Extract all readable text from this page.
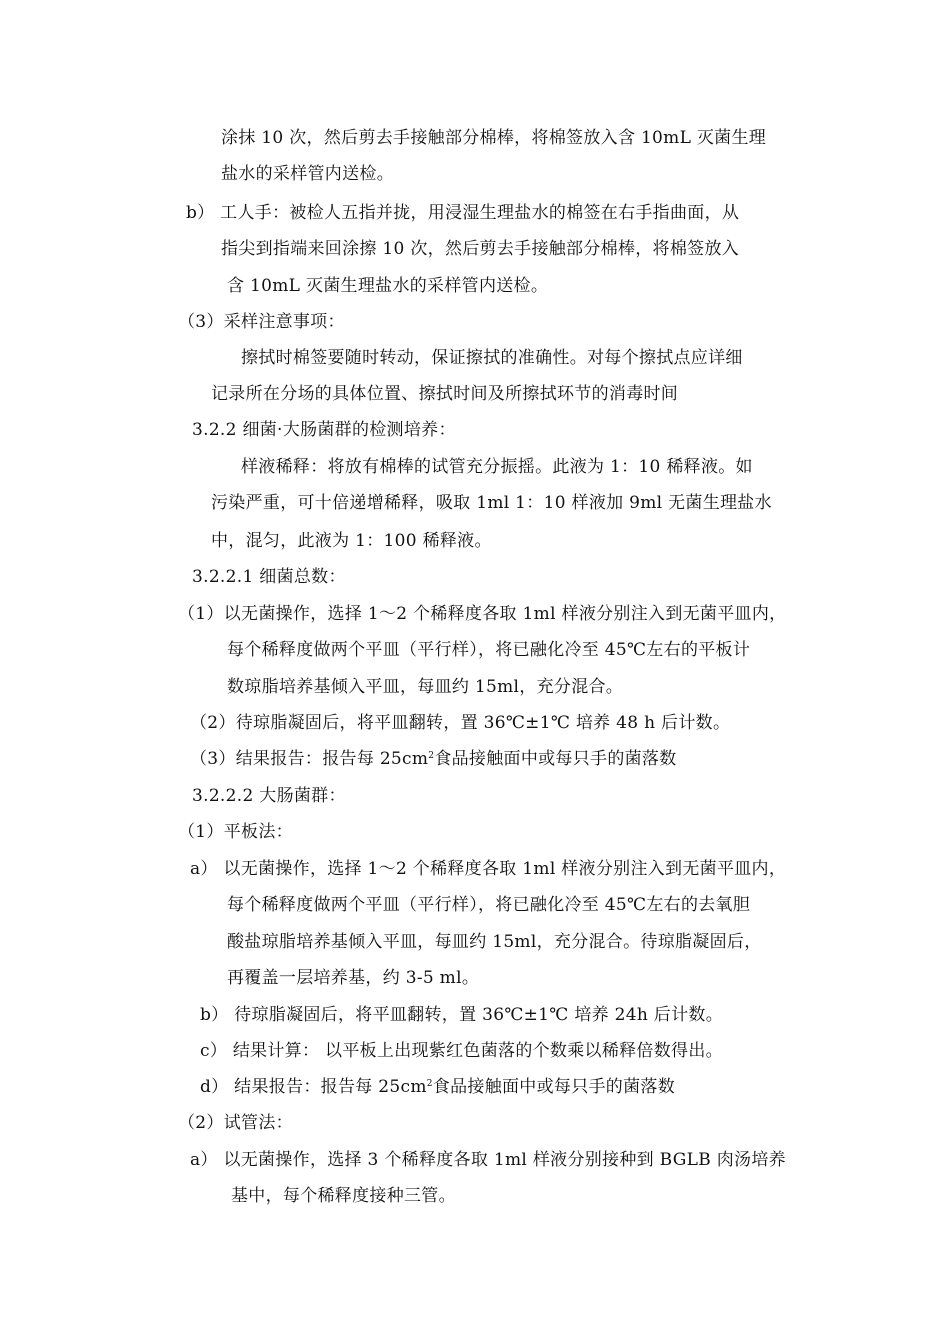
涂抹 10 次，然后剪去手接触部分棉棒，将棉签放入含 10mL 灭菌生理
盐水的采样管内送检。
b） 工人手：被检人五指并拢，用浸湿生理盐水的棉签在右手指曲面，从
指尖到指端来回涂擦 10 次，然后剪去手接触部分棉棒，将棉签放入
含 10mL 灭菌生理盐水的采样管内送检。
（3）采样注意事项：
擦拭时棉签要随时转动，保证擦拭的准确性。对每个擦拭点应详细
记录所在分场的具体位置、擦拭时间及所擦拭环节的消毒时间
3.2.2 细菌·大肠菌群的检测培养：
样液稀释：将放有棉棒的试管充分振摇。此液为 1：10 稀释液。如
污染严重，可十倍递增稀释，吸取 1ml 1：10 样液加 9ml 无菌生理盐水
中，混匀，此液为 1：100 稀释液。
3.2.2.1 细菌总数：
（1）以无菌操作，选择 1～2 个稀释度各取 1ml 样液分别注入到无菌平皿内，
每个稀释度做两个平皿（平行样），将已融化冷至 45℃左右的平板计
数琼脂培养基倾入平皿，每皿约 15ml，充分混合。
（2）待琼脂凝固后，将平皿翻转，置 36℃±1℃ 培养 48 h 后计数。
（3）结果报告：报告每 $25cm^2$食品接触面中或每只手的菌落数
3.2.2.2 大肠菌群：
（1）平板法：
a） 以无菌操作，选择 1～2 个稀释度各取 1ml 样液分别注入到无菌平皿内，
每个稀释度做两个平皿（平行样），将已融化冷至 45℃左右的去氧胆
酸盐琼脂培养基倾入平皿，每皿约 15ml，充分混合。待琼脂凝固后，
再覆盖一层培养基，约 3-5 ml。
b） 待琼脂凝固后，将平皿翻转，置 36℃±1℃ 培养 24h 后计数。
c） 结果计算： 以平板上出现紫红色菌落的个数乘以稀释倍数得出。
d） 结果报告：报告每 $25cm^2$食品接触面中或每只手的菌落数
（2）试管法：
a） 以无菌操作，选择 3 个稀释度各取 1ml 样液分别接种到 BGLB 肉汤培养
基中，每个稀释度接种三管。
